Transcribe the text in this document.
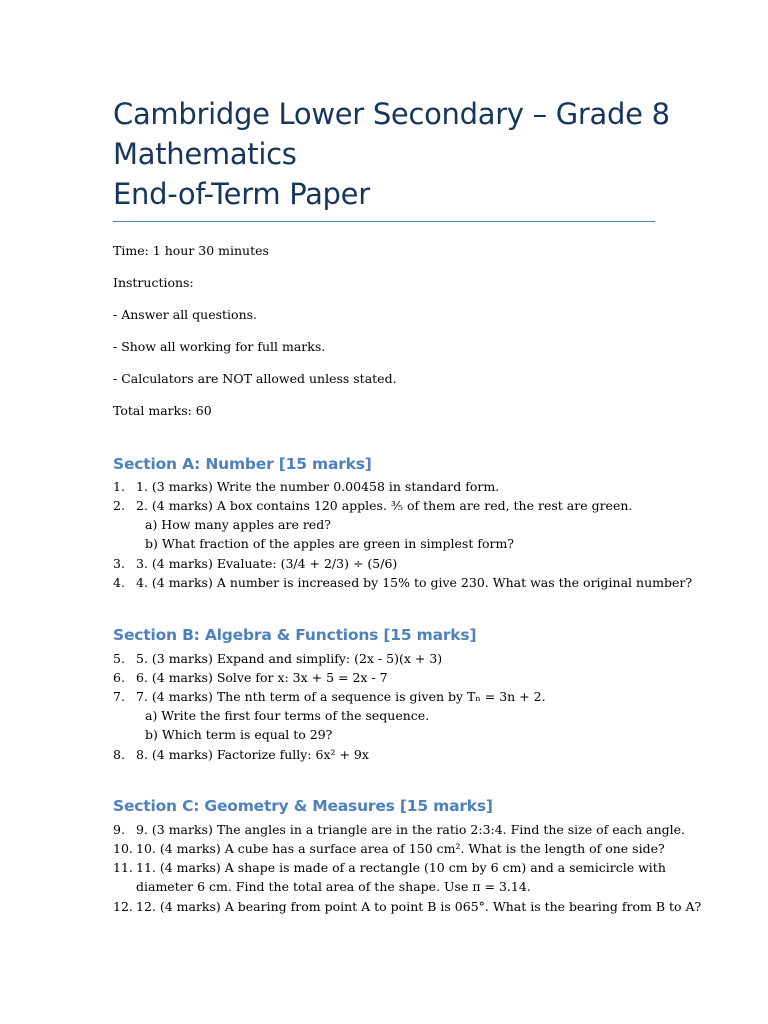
Cambridge Lower Secondary – Grade 8
Mathematics
End-of-Term Paper
Time: 1 hour 30 minutes
Instructions:
- Answer all questions.
- Show all working for full marks.
- Calculators are NOT allowed unless stated.
Total marks: 60
Section A: Number [15 marks]
1. 1. (3 marks) Write the number 0.00458 in standard form.
2. 2. (4 marks) A box contains 120 apples. ⅗ of them are red, the rest are green.
a) How many apples are red?
b) What fraction of the apples are green in simplest form?
3. 3. (4 marks) Evaluate: (3/4 + 2/3) ÷ (5/6)
4. 4. (4 marks) A number is increased by 15% to give 230. What was the original number?
Section B: Algebra & Functions [15 marks]
5. 5. (3 marks) Expand and simplify: (2x - 5)(x + 3)
6. 6. (4 marks) Solve for x: 3x + 5 = 2x - 7
7. 7. (4 marks) The nth term of a sequence is given by Tₙ = 3n + 2.
a) Write the first four terms of the sequence.
b) Which term is equal to 29?
8. 8. (4 marks) Factorize fully: 6x² + 9x
Section C: Geometry & Measures [15 marks]
9. 9. (3 marks) The angles in a triangle are in the ratio 2:3:4. Find the size of each angle.
10. 10. (4 marks) A cube has a surface area of 150 cm². What is the length of one side?
11. 11. (4 marks) A shape is made of a rectangle (10 cm by 6 cm) and a semicircle with
diameter 6 cm. Find the total area of the shape. Use π = 3.14.
12. 12. (4 marks) A bearing from point A to point B is 065°. What is the bearing from B to A?
